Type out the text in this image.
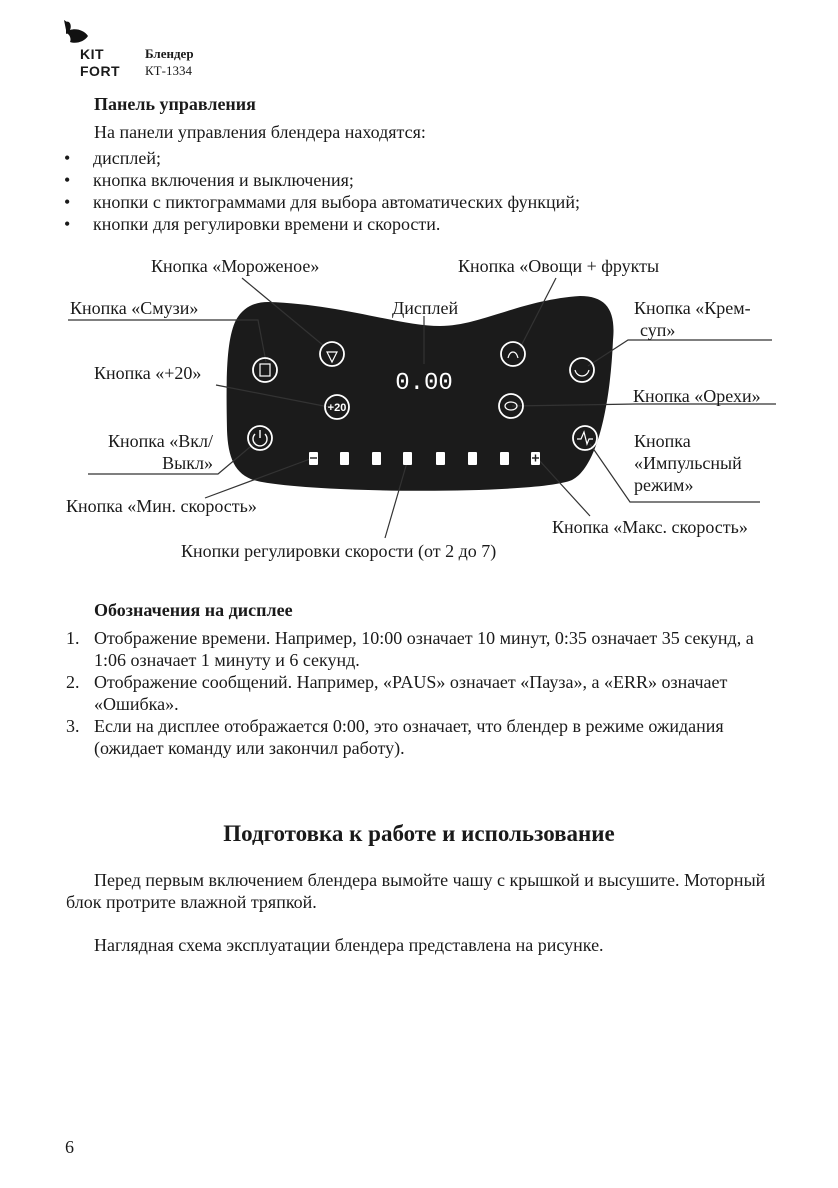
KIT
FORT
Блендер
КТ-1334
Панель управления
На панели управления блендера находятся:
• дисплей;
• кнопка включения и выключения;
• кнопки с пиктограммами для выбора автоматических функций;
• кнопки для регулировки времени и скорости.
0.00
+20
Кнопка «Мороженое»	Кнопка «Овощи + фрукты
Кнопка «Смузи»	Дисплей	Кнопка «Крем-
суп»
Кнопка «+20»
Кнопка «Орехи»
Кнопка «Вкл/
Выкл»
Кнопка
«Импульсный
режим»
Кнопка «Мин. скорость»
Кнопка «Макс. скорость»
Кнопки регулировки скорости (от 2 до 7)
Обозначения на дисплее
1. Отображение времени. Например, 10:00 означает 10 минут, 0:35 означает 35 секунд, а 1:06 означает 1 минуту и 6 секунд.
2. Отображение сообщений. Например, «PAUS» означает «Пауза», а «ERR» означает «Ошибка».
3. Если на дисплее отображается 0:00, это означает, что блендер в режиме ожидания (ожидает команду или закончил работу).
Подготовка к работе и использование
Перед первым включением блендера вымойте чашу с крышкой и высушите. Моторный блок протрите влажной тряпкой.
Наглядная схема эксплуатации блендера представлена на рисунке.
6
